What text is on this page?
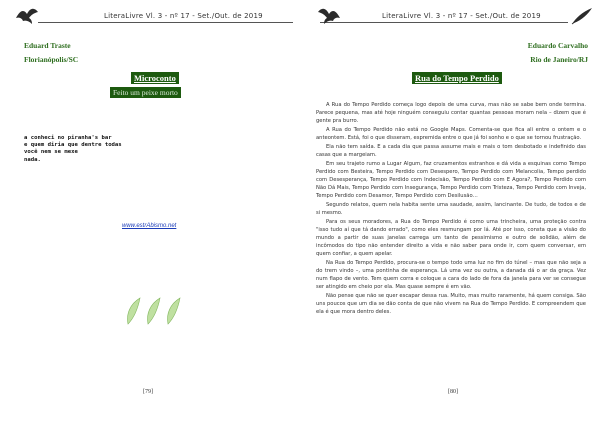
LiteraLivre Vl. 3 - nº 17 - Set./Out. de 2019
Eduard Traste
Florianópolis/SC
Microconto
Feito um peixe morto
a conheci no piranha's bar
e quem diria que dentre todas
você nem se mexe
nada.
www.estrAbismo.net
[79]
LiteraLivre Vl. 3 - nº 17 - Set./Out. de 2019
Eduardo Carvalho
Rio de Janeiro/RJ
Rua do Tempo Perdido

A Rua do Tempo Perdido começa logo depois de uma curva, mas não se sabe bem onde termina. Parece pequena, mas até hoje ninguém conseguiu contar quantas pessoas moram nela – dizem que é gente pra burro.

A Rua do Tempo Perdido não está no Google Maps. Comenta-se que fica ali entre o ontem e o anteontem. Está, foi o que disseram, espremida entre o que já foi sonho e o que se tornou frustração.

Ela não tem saída. E a cada dia que passa assume mais e mais o tom desbotado e indefinido das casas que a margeiam.

Em seu trajeto rumo a Lugar Algum, faz cruzamentos estranhos e dá vida a esquinas como Tempo Perdido com Besteira, Tempo Perdido com Desespero, Tempo Perdido com Melancolia, Tempo perdido com Desesperança, Tempo Perdido com Indecisão, Tempo Perdido com E Agora?, Tempo Perdido com Não Dá Mais, Tempo Perdido com Insegurança, Tempo Perdido com Tristeza, Tempo Perdido com Inveja, Tempo Perdido com Desamor, Tempo Perdido com Desilusão…

Segundo relatos, quem nela habita sente uma saudade, assim, lancinante. De tudo, de todos e de si mesmo.

Para os seus moradores, a Rua do Tempo Perdido é como uma trincheira, uma proteção contra "isso tudo aí que tá dando errado", como eles resmungam por lá. Até por isso, consta que a visão do mundo a partir de suas janelas carrega um tanto de pessimismo e outro de solidão, além de incômodos do tipo não entender direito a vida e não saber para onde ir, com quem conversar, em quem confiar, a quem apelar.

Na Rua do Tempo Perdido, procura-se o tempo todo uma luz no fim do túnel – mas que não seja a do trem vindo –, uma pontinha de esperança. Lá uma vez ou outra, a danada dá o ar da graça. Vez num flapo de vento. Tem quem corra e coloque a cara do lado de fora da janela para ver se consegue ser atingido em cheio por ela. Mas quase sempre é em vão.

Não pense que não se quer escapar dessa rua. Muito, mas muito raramente, há quem consiga. São uns poucos que um dia se dão conta de que não vivem na Rua do Tempo Perdido. E compreendem que ela é que mora dentro deles.

[80]
